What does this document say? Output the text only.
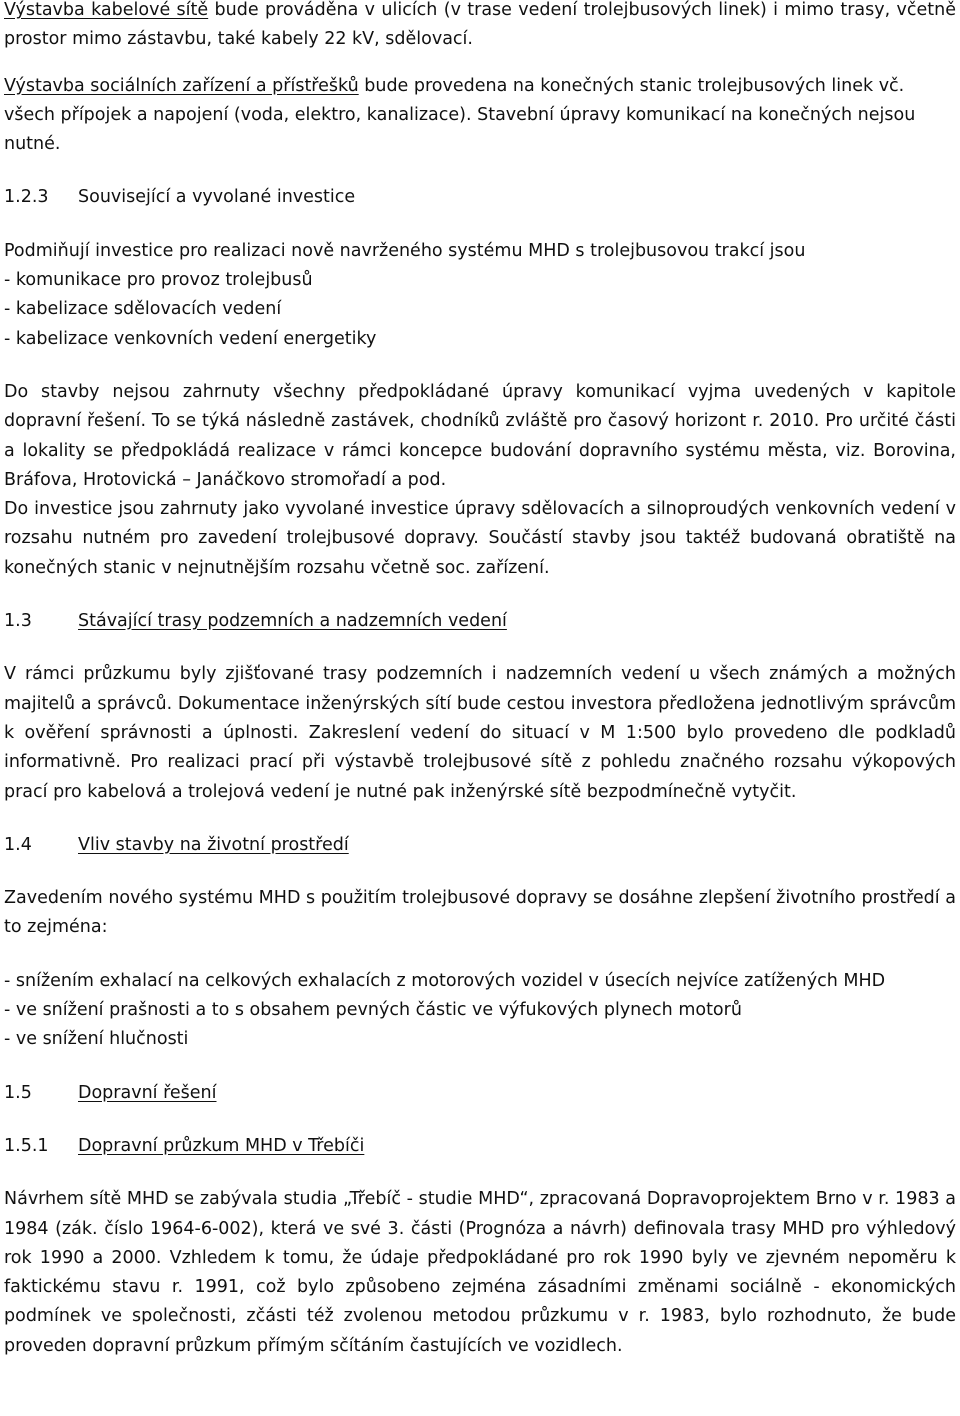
Výstavba kabelové sítě bude prováděna v ulicích (v trase vedení trolejbusových linek) i mimo trasy, včetně prostor mimo zástavbu, také kabely 22 kV, sdělovací.

Výstavba sociálních zařízení a přístřešků bude provedena na konečných stanic trolejbusových linek vč. všech přípojek a napojení (voda, elektro, kanalizace). Stavební úpravy komunikací na konečných nejsou nutné.

1.2.3	Související a vyvolané investice

Podmiňují investice pro realizaci nově navrženého systému MHD s trolejbusovou trakcí jsou

- komunikace pro provoz trolejbusů

- kabelizace sdělovacích vedení

- kabelizace venkovních vedení energetiky

Do stavby nejsou zahrnuty všechny předpokládané úpravy komunikací vyjma uvedených v kapitole dopravní řešení. To se týká následně zastávek, chodníků zvláště pro časový horizont r. 2010. Pro určité části a lokality se předpokládá realizace v rámci koncepce budování dopravního systému města, viz. Borovina, Bráfova, Hrotovická – Janáčkovo stromořadí a pod.

Do investice jsou zahrnuty jako vyvolané investice úpravy sdělovacích a silnoproudých venkovních vedení v rozsahu nutném pro zavedení trolejbusové dopravy. Součástí stavby jsou taktéž budovaná obratiště na konečných stanic v nejnutnějším rozsahu včetně soc. zařízení.

1.3	Stávající trasy podzemních a nadzemních vedení

V rámci průzkumu byly zjišťované trasy podzemních i nadzemních vedení u všech známých a možných majitelů a správců. Dokumentace inženýrských sítí bude cestou investora předložena jednotlivým správcům k ověření správnosti a úplnosti. Zakreslení vedení do situací v M 1:500 bylo provedeno dle podkladů informativně. Pro realizaci prací při výstavbě trolejbusové sítě z pohledu značného rozsahu výkopových prací pro kabelová a trolejová vedení je nutné pak inženýrské sítě bezpodmínečně vytyčit.

1.4	Vliv stavby na životní prostředí

Zavedením nového systému MHD s použitím trolejbusové dopravy se dosáhne zlepšení životního prostředí a to zejména:

- snížením exhalací na celkových exhalacích z motorových vozidel v úsecích nejvíce zatížených MHD

- ve snížení prašnosti a to s obsahem pevných částic ve výfukových plynech motorů

- ve snížení hlučnosti

1.5	Dopravní řešení
1.5.1	Dopravní průzkum MHD v Třebíči

Návrhem sítě MHD se zabývala studia „Třebíč - studie MHD“, zpracovaná Dopravoprojektem Brno v r. 1983 a 1984 (zák. číslo 1964-6-002), která ve své 3. části (Prognóza a návrh) definovala trasy MHD pro výhledový rok 1990 a 2000. Vzhledem k tomu, že údaje předpokládané pro rok 1990 byly ve zjevném nepoměru k faktickému stavu r. 1991, což bylo způsobeno zejména zásadními změnami sociálně - ekonomických podmínek ve společnosti, zčásti též zvolenou metodou průzkumu v r. 1983, bylo rozhodnuto, že bude proveden dopravní průzkum přímým sčítáním častujících ve vozidlech.
